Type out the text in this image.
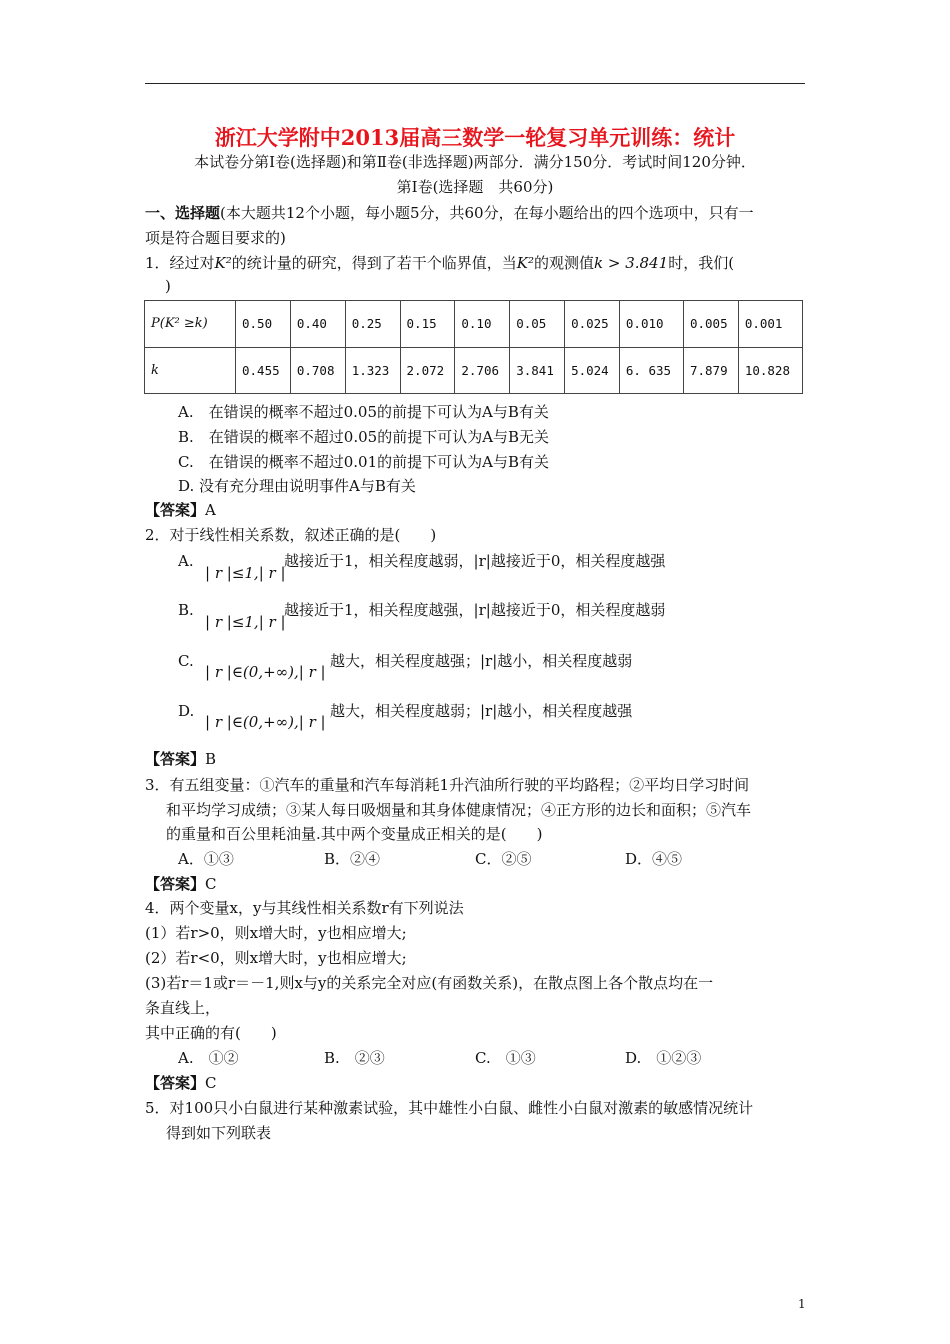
浙江大学附中2013届高三数学一轮复习单元训练：统计
本试卷分第Ⅰ卷(选择题)和第Ⅱ卷(非选择题)两部分．满分150分．考试时间120分钟．
第Ⅰ卷(选择题　共60分)
一、选择题(本大题共12个小题，每小题5分，共60分，在每小题给出的四个选项中，只有一
项是符合题目要求的)
1．经过对K²的统计量的研究，得到了若干个临界值，当K²的观测值k > 3.841时，我们(
)
P(K² ≥k)	0.50	0.40	0.25	0.15	0.10	0.05	0.025	0.010	0.005	0.001
k	0.455	0.708	1.323	2.072	2.706	3.841	5.024	6. 635	7.879	10.828
A.　在错误的概率不超过0.05的前提下可认为A与B有关
B.　在错误的概率不超过0.05的前提下可认为A与B无关
C.　在错误的概率不超过0.01的前提下可认为A与B有关
D. 没有充分理由说明事件A与B有关
【答案】A
2．对于线性相关系数，叙述正确的是(　　)
A.
| r |≤1,| r |
越接近于1，相关程度越弱，|r|越接近于0，相关程度越强
B.
| r |≤1,| r |
越接近于1，相关程度越强，|r|越接近于0，相关程度越弱
C.
| r |∈(0,+∞),| r |
越大，相关程度越强；|r|越小，相关程度越弱
D.
| r |∈(0,+∞),| r |
越大，相关程度越弱；|r|越小，相关程度越强
【答案】B
3．有五组变量：①汽车的重量和汽车每消耗1升汽油所行驶的平均路程；②平均日学习时间
和平均学习成绩；③某人每日吸烟量和其身体健康情况；④正方形的边长和面积；⑤汽车
的重量和百公里耗油量.其中两个变量成正相关的是(　　)
A．①③	B．②④	C．②⑤	D．④⑤
【答案】C
4．两个变量x，y与其线性相关系数r有下列说法
(1）若r>0，则x增大时，y也相应增大;
(2）若r<0，则x增大时，y也相应增大;
(3)若r＝1或r＝－1,则x与y的关系完全对应(有函数关系)，在散点图上各个散点均在一
条直线上，
其中正确的有(　　)
A.　①②	B.　②③	C.　①③	D.　①②③
【答案】C
5．对100只小白鼠进行某种激素试验，其中雄性小白鼠、雌性小白鼠对激素的敏感情况统计
得到如下列联表
1
